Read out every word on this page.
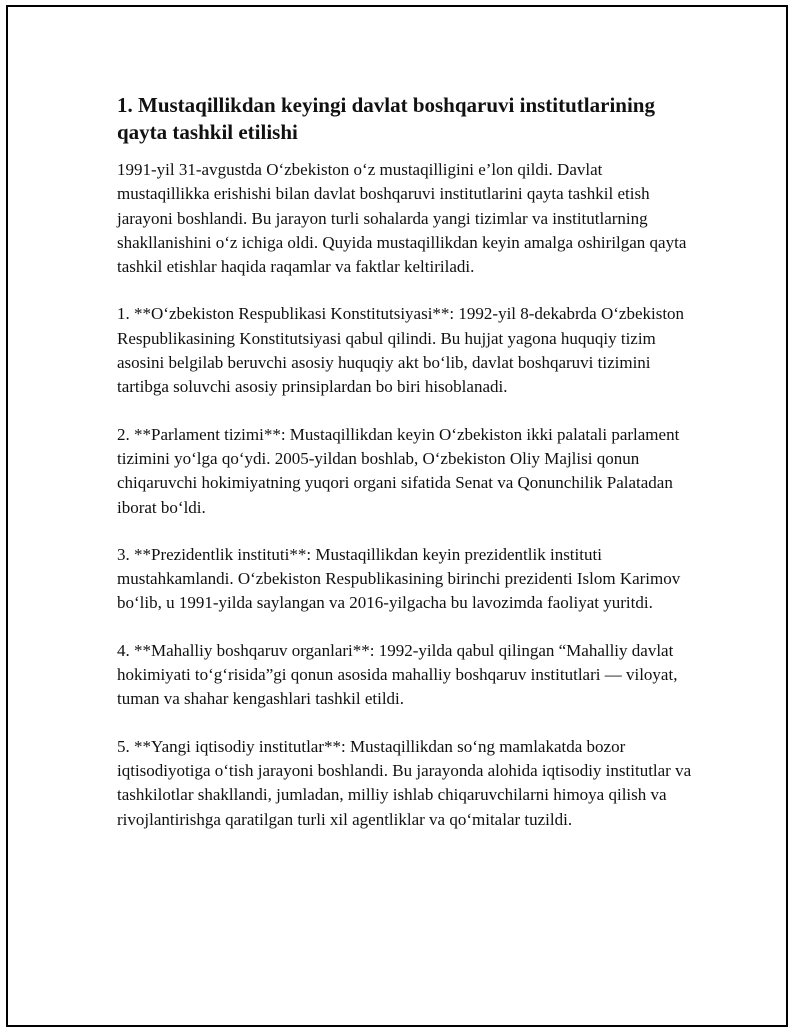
1. Mustaqillikdan keyingi davlat boshqaruvi institutlarining qayta tashkil etilishi

1991-yil 31-avgustda O‘zbekiston o‘z mustaqilligini e’lon qildi. Davlat mustaqillikka erishishi bilan davlat boshqaruvi institutlarini qayta tashkil etish jarayoni boshlandi. Bu jarayon turli sohalarda yangi tizimlar va institutlarning shakllanishini o‘z ichiga oldi. Quyida mustaqillikdan keyin amalga oshirilgan qayta tashkil etishlar haqida raqamlar va faktlar keltiriladi.

1. **O‘zbekiston Respublikasi Konstitutsiyasi**: 1992-yil 8-dekabrda O‘zbekiston Respublikasining Konstitutsiyasi qabul qilindi. Bu hujjat yagona huquqiy tizim asosini belgilab beruvchi asosiy huquqiy akt bo‘lib, davlat boshqaruvi tizimini tartibga soluvchi asosiy prinsiplardan bo biri hisoblanadi.

2. **Parlament tizimi**: Mustaqillikdan keyin O‘zbekiston ikki palatali parlament tizimini yo‘lga qo‘ydi. 2005-yildan boshlab, O‘zbekiston Oliy Majlisi qonun chiqaruvchi hokimiyatning yuqori organi sifatida Senat va Qonunchilik Palatadan iborat bo‘ldi.

3. **Prezidentlik instituti**: Mustaqillikdan keyin prezidentlik instituti mustahkamlandi. O‘zbekiston Respublikasining birinchi prezidenti Islom Karimov bo‘lib, u 1991-yilda saylangan va 2016-yilgacha bu lavozimda faoliyat yuritdi.

4. **Mahalliy boshqaruv organlari**: 1992-yilda qabul qilingan “Mahalliy davlat hokimiyati to‘g‘risida”gi qonun asosida mahalliy boshqaruv institutlari — viloyat, tuman va shahar kengashlari tashkil etildi.

5. **Yangi iqtisodiy institutlar**: Mustaqillikdan so‘ng mamlakatda bozor iqtisodiyotiga o‘tish jarayoni boshlandi. Bu jarayonda alohida iqtisodiy institutlar va tashkilotlar shakllandi, jumladan, milliy ishlab chiqaruvchilarni himoya qilish va rivojlantirishga qaratilgan turli xil agentliklar va qo‘mitalar tuzildi.
